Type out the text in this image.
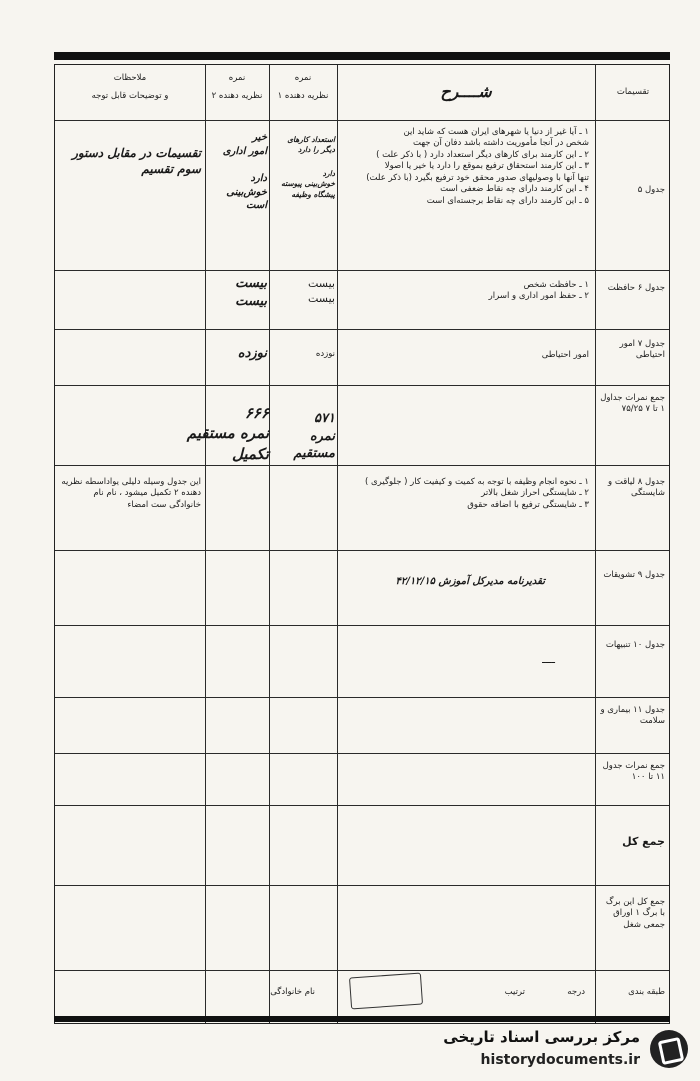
تقسیمات
شــــرح
نمره
نظریه دهنده ۱
نمره
نظریه دهنده ۲
ملاحظات
و توضیحات قابل توجه
جدول ۵
۱ ـ آیا غیر از دنیا یا شهرهای ایران هست که شاید این
شخص در آنجا مأموریت داشته باشد دفان آن جهت
۲ ـ این کارمند برای کارهای دیگر استعداد دارد ( با ذکر علت )
۳ ـ این کارمند استحقاق ترفیع بموقع را دارد یا خیر یا اصولا
تنها آنها با وصولیهای صدور محقق خود ترفیع بگیرد (با ذکر علت)
۴ ـ این کارمند دارای چه نقاط ضعفی است
۵ ـ این کارمند دارای چه نقاط برجسته‌ای است
استعداد کارهای دیگر را دارد
دارد
خوش‌بینی پیوسته
پیشگاه وظیفه
خیر
امور اداری
دارد
خوش‌بینی است
تقسیمات در مقابل دستور سوم تقسیم
جدول ۶ حافظت
۱ ـ حافظت شخص
۲ ـ حفظ امور اداری و اسرار
بیست
بیست
بیست
بیست
جدول ۷ امور احتیاطی
امور احتیاطی
نوزده
نوزده
جمع نمرات جداول ۱ تا ۷ ۷۵/۲۵
۵۷۱
نمره مستقیم
۶۶۶
نمره مستقیم تکمیل
جدول ۸ لیاقت و شایستگی
۱ ـ نحوه انجام وظیفه با توجه به کمیت و کیفیت کار ( جلوگیری )
۲ ـ شایستگی احراز شغل بالاتر
۳ ـ شایستگی ترفیع با اضافه حقوق
این جدول وسیله دلیلی یواداسطه نظریه دهنده ۲ تکمیل میشود ، نام نام خانوادگی ست امضاء
جدول ۹ تشویقات
تقدیرنامه مدیرکل آموزش ۴۲/۱۲/۱۵
جدول ۱۰ تنبیهات
ــــ
جدول ۱۱ بیماری و سلامت
جمع نمرات جدول ۱۱ تا ۱۰۰
جمع کل
جمع کل این برگ با برگ ۱ اوراق جمعی شغل
طبقه بندی
درجه
ترتیب
نام خانوادگی
مرکز بررسی اسناد تاریخی
historydocuments.ir
